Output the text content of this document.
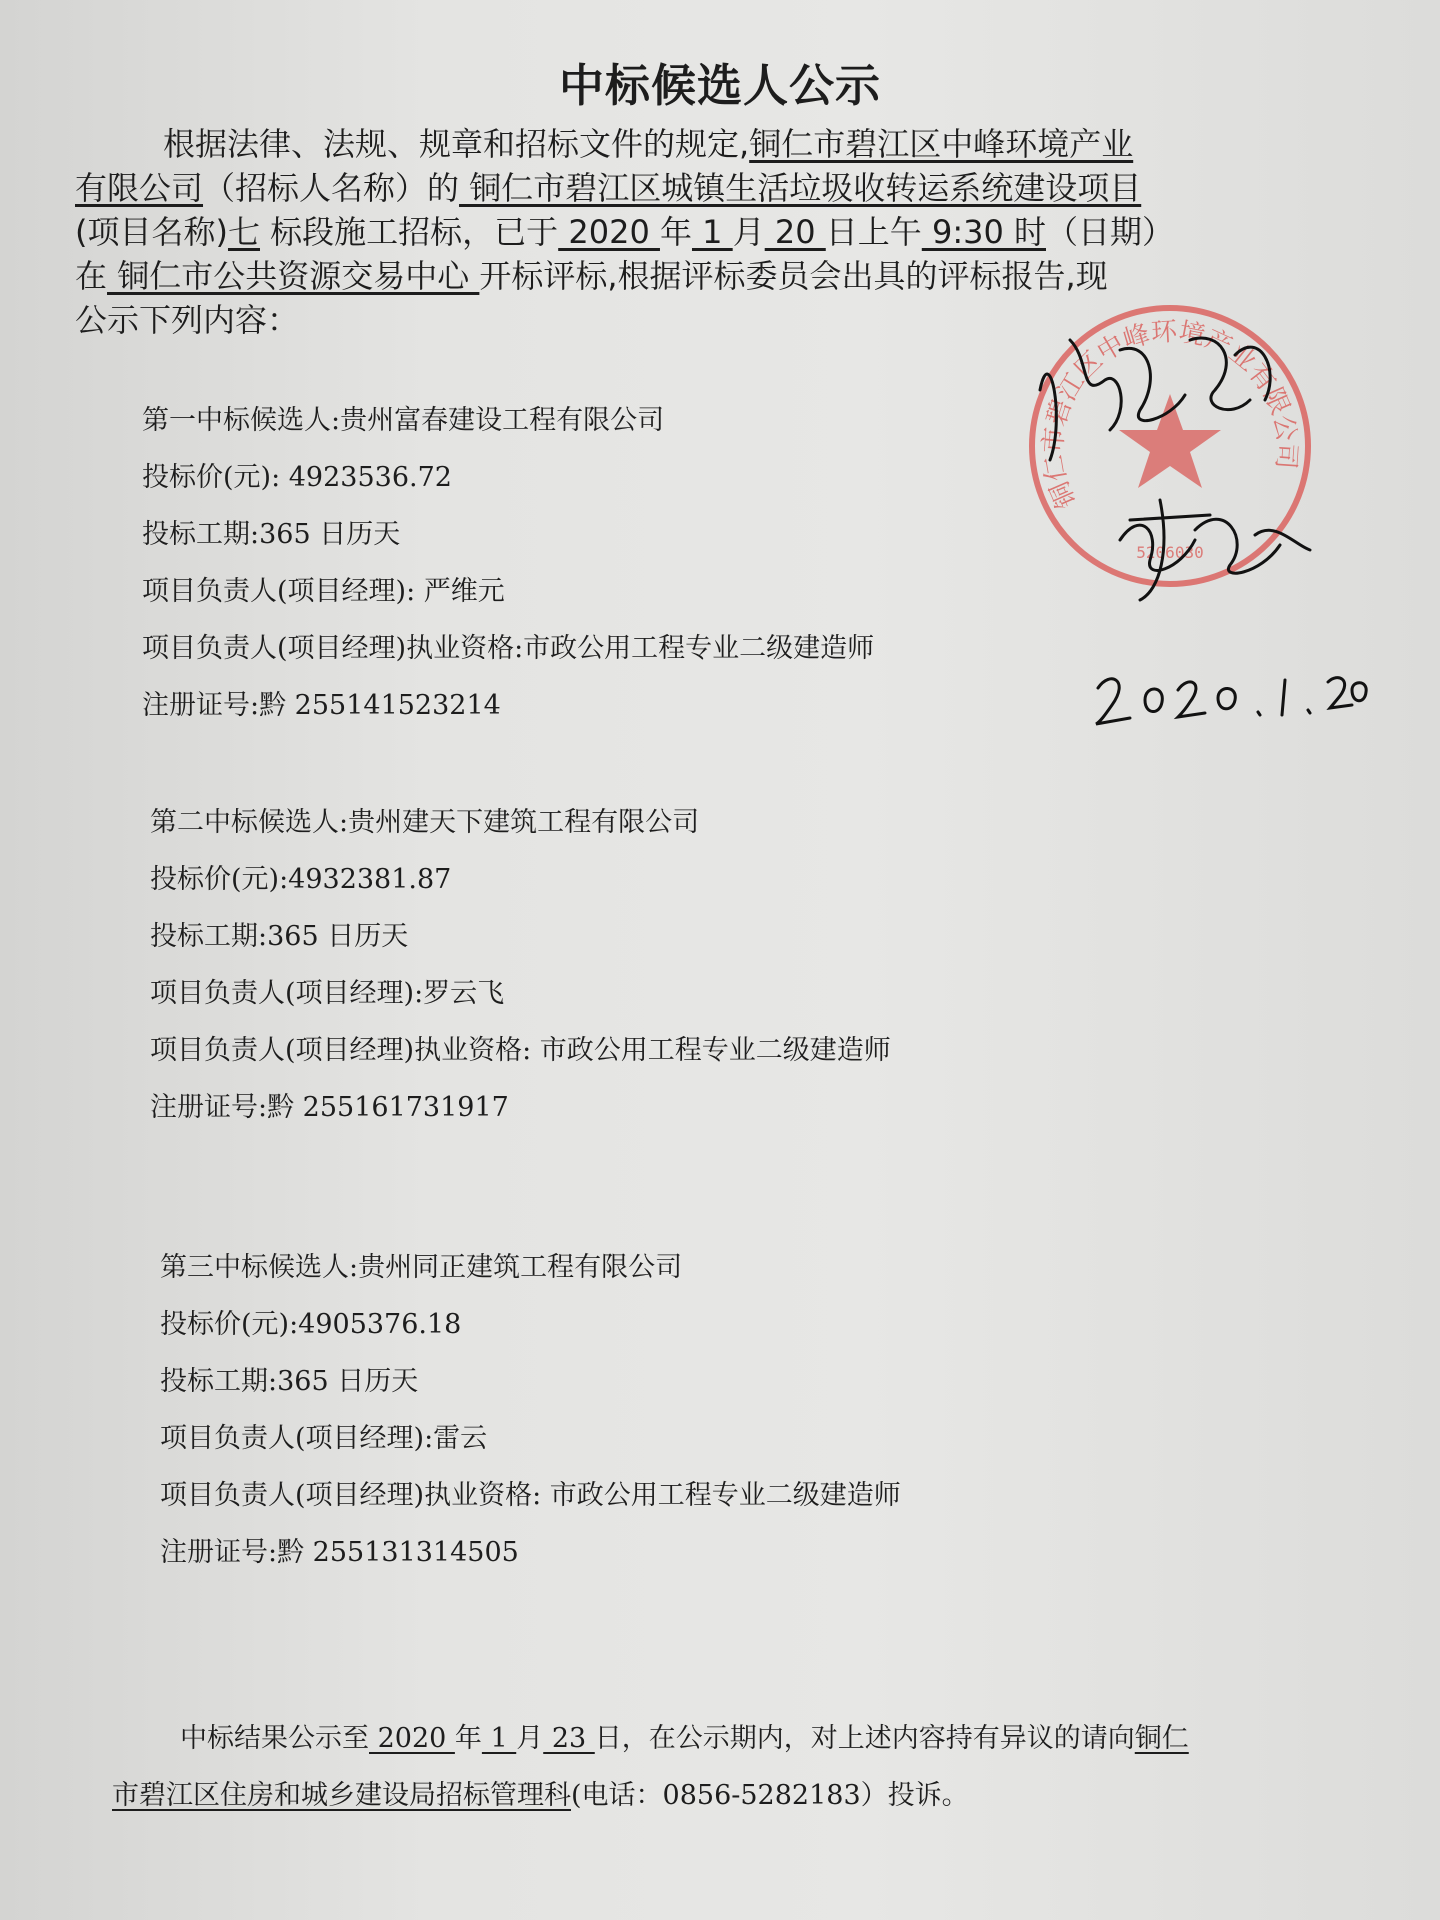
中标候选人公示
根据法律、法规、规章和招标文件的规定,铜仁市碧江区中峰环境产业
有限公司（招标人名称）的 铜仁市碧江区城镇生活垃圾收转运系统建设项目
(项目名称)七 标段施工招标，已于 2020 年 1 月 20 日上午 9:30 时（日期）
在 铜仁市公共资源交易中心 开标评标,根据评标委员会出具的评标报告,现
公示下列内容：
第一中标候选人:贵州富春建设工程有限公司
投标价(元): 4923536.72
投标工期:365 日历天
项目负责人(项目经理): 严维元
项目负责人(项目经理)执业资格:市政公用工程专业二级建造师
注册证号:黔 255141523214
第二中标候选人:贵州建天下建筑工程有限公司
投标价(元):4932381.87
投标工期:365 日历天
项目负责人(项目经理):罗云飞
项目负责人(项目经理)执业资格: 市政公用工程专业二级建造师
注册证号:黔 255161731917
第三中标候选人:贵州同正建筑工程有限公司
投标价(元):4905376.18
投标工期:365 日历天
项目负责人(项目经理):雷云
项目负责人(项目经理)执业资格: 市政公用工程专业二级建造师
注册证号:黔 255131314505
中标结果公示至 2020 年 1 月 23 日，在公示期内，对上述内容持有异议的请向铜仁
市碧江区住房和城乡建设局招标管理科(电话：0856-5282183）投诉。
铜仁市碧江区中峰环境产业有限公司
5206030
